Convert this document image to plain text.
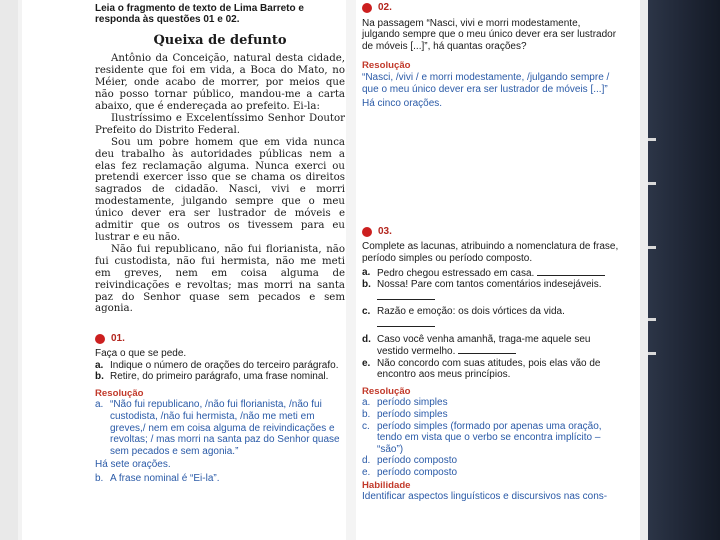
Leia o fragmento de texto de Lima Barreto e responda às questões 01 e 02.
Queixa de defunto

Antônio da Conceição, natural desta cidade, residente que foi em vida, a Boca do Mato, no Méier, onde acabo de morrer, por meios que não posso tornar público, mandou-me a carta abaixo, que é endereçada ao prefeito. Ei-la:

Ilustríssimo e Excelentíssimo Senhor Doutor Prefeito do Distrito Federal.

Sou um pobre homem que em vida nunca deu trabalho às autoridades públicas nem a elas fez reclamação alguma. Nunca exerci ou pretendi exercer isso que se chama os direitos sagrados de cidadão. Nasci, vivi e morri modestamente, julgando sempre que o meu único dever era ser lustrador de móveis e admitir que os outros os tivessem para eu lustrar e eu não.

Não fui republicano, não fui florianista, não fui custodista, não fui hermista, não me meti em greves, nem em coisa alguma de reivindicações e revoltas; mas morri na santa paz do Senhor quase sem pecados e sem agonia.

01.
Faça o que se pede.
a. Indique o número de orações do terceiro parágrafo.
b. Retire, do primeiro parágrafo, uma frase nominal.
Resolução
a. “Não fui republicano, /não fui florianista, /não fui custodista, /não fui hermista, /não me meti em greves,/ nem em coisa alguma de reivindicações e revoltas; / mas morri na santa paz do Senhor quase sem pecados e sem agonia.”
Há sete orações.
b. A frase nominal é “Ei-la”.
02.
Na passagem “Nasci, vivi e morri modestamente, julgando sempre que o meu único dever era ser lustrador de móveis [...]”, há quantas orações?
Resolução
“Nasci, /vivi / e morri modestamente, /julgando sempre / que o meu único dever era ser lustrador de móveis [...]”
Há cinco orações.
03.
Complete as lacunas, atribuindo a nomenclatura de frase, período simples ou período composto.
a. Pedro chegou estressado em casa.
b. Nossa! Pare com tantos comentários indesejáveis.
c. Razão e emoção: os dois vórtices da vida.
d. Caso você venha amanhã, traga-me aquele seu vestido vermelho.
e. Não concordo com suas atitudes, pois elas vão de encontro aos meus princípios.
Resolução
a. período simples
b. período simples
c. período simples (formado por apenas uma oração, tendo em vista que o verbo se encontra implícito – “são”)
d. período composto
e. período composto
Habilidade
Identificar aspectos linguísticos e discursivos nas cons-
